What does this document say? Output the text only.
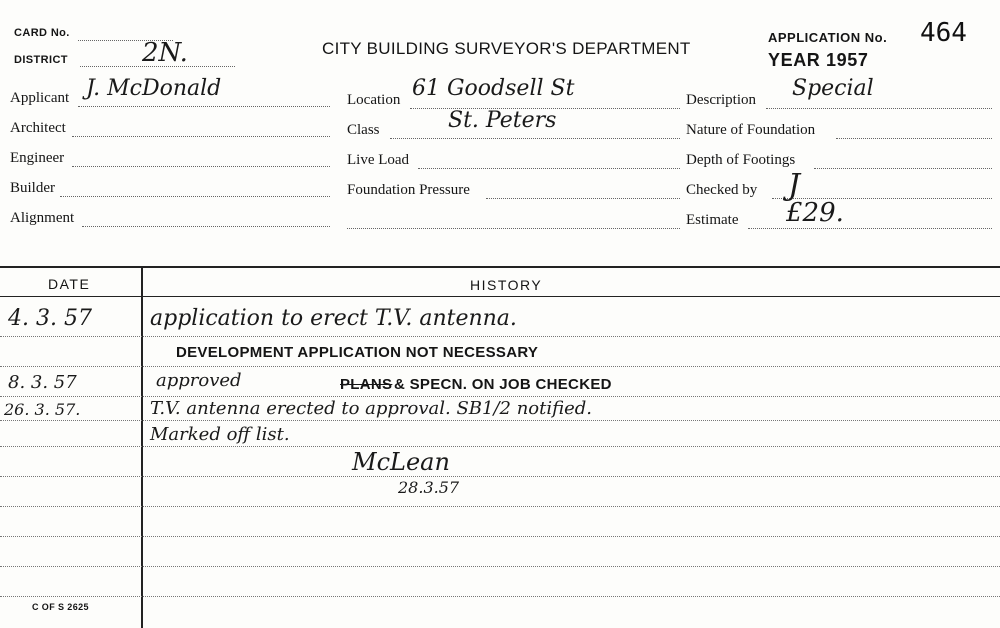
CARD No.
DISTRICT	2N.	CITY BUILDING SURVEYOR'S DEPARTMENT
APPLICATION No. 464
YEAR 1957
Applicant J. McDonald
Architect
Engineer
Builder
Alignment
Location 61 Goodsell St
Class	St. Peters
Live Load
Foundation Pressure
Description Special
Nature of Foundation
Depth of Footings
Checked by J
Estimate £29.
DATE	HISTORY
4. 3. 57	application to erect T.V. antenna.
DEVELOPMENT APPLICATION NOT NECESSARY
8. 3. 57	approved	PLANS & SPECN. ON JOB CHECKED
26. 3. 57.	T.V. antenna erected to approval. SB1/2 notified.
Marked off list.
McLean
28.3.57
C OF S 2625
